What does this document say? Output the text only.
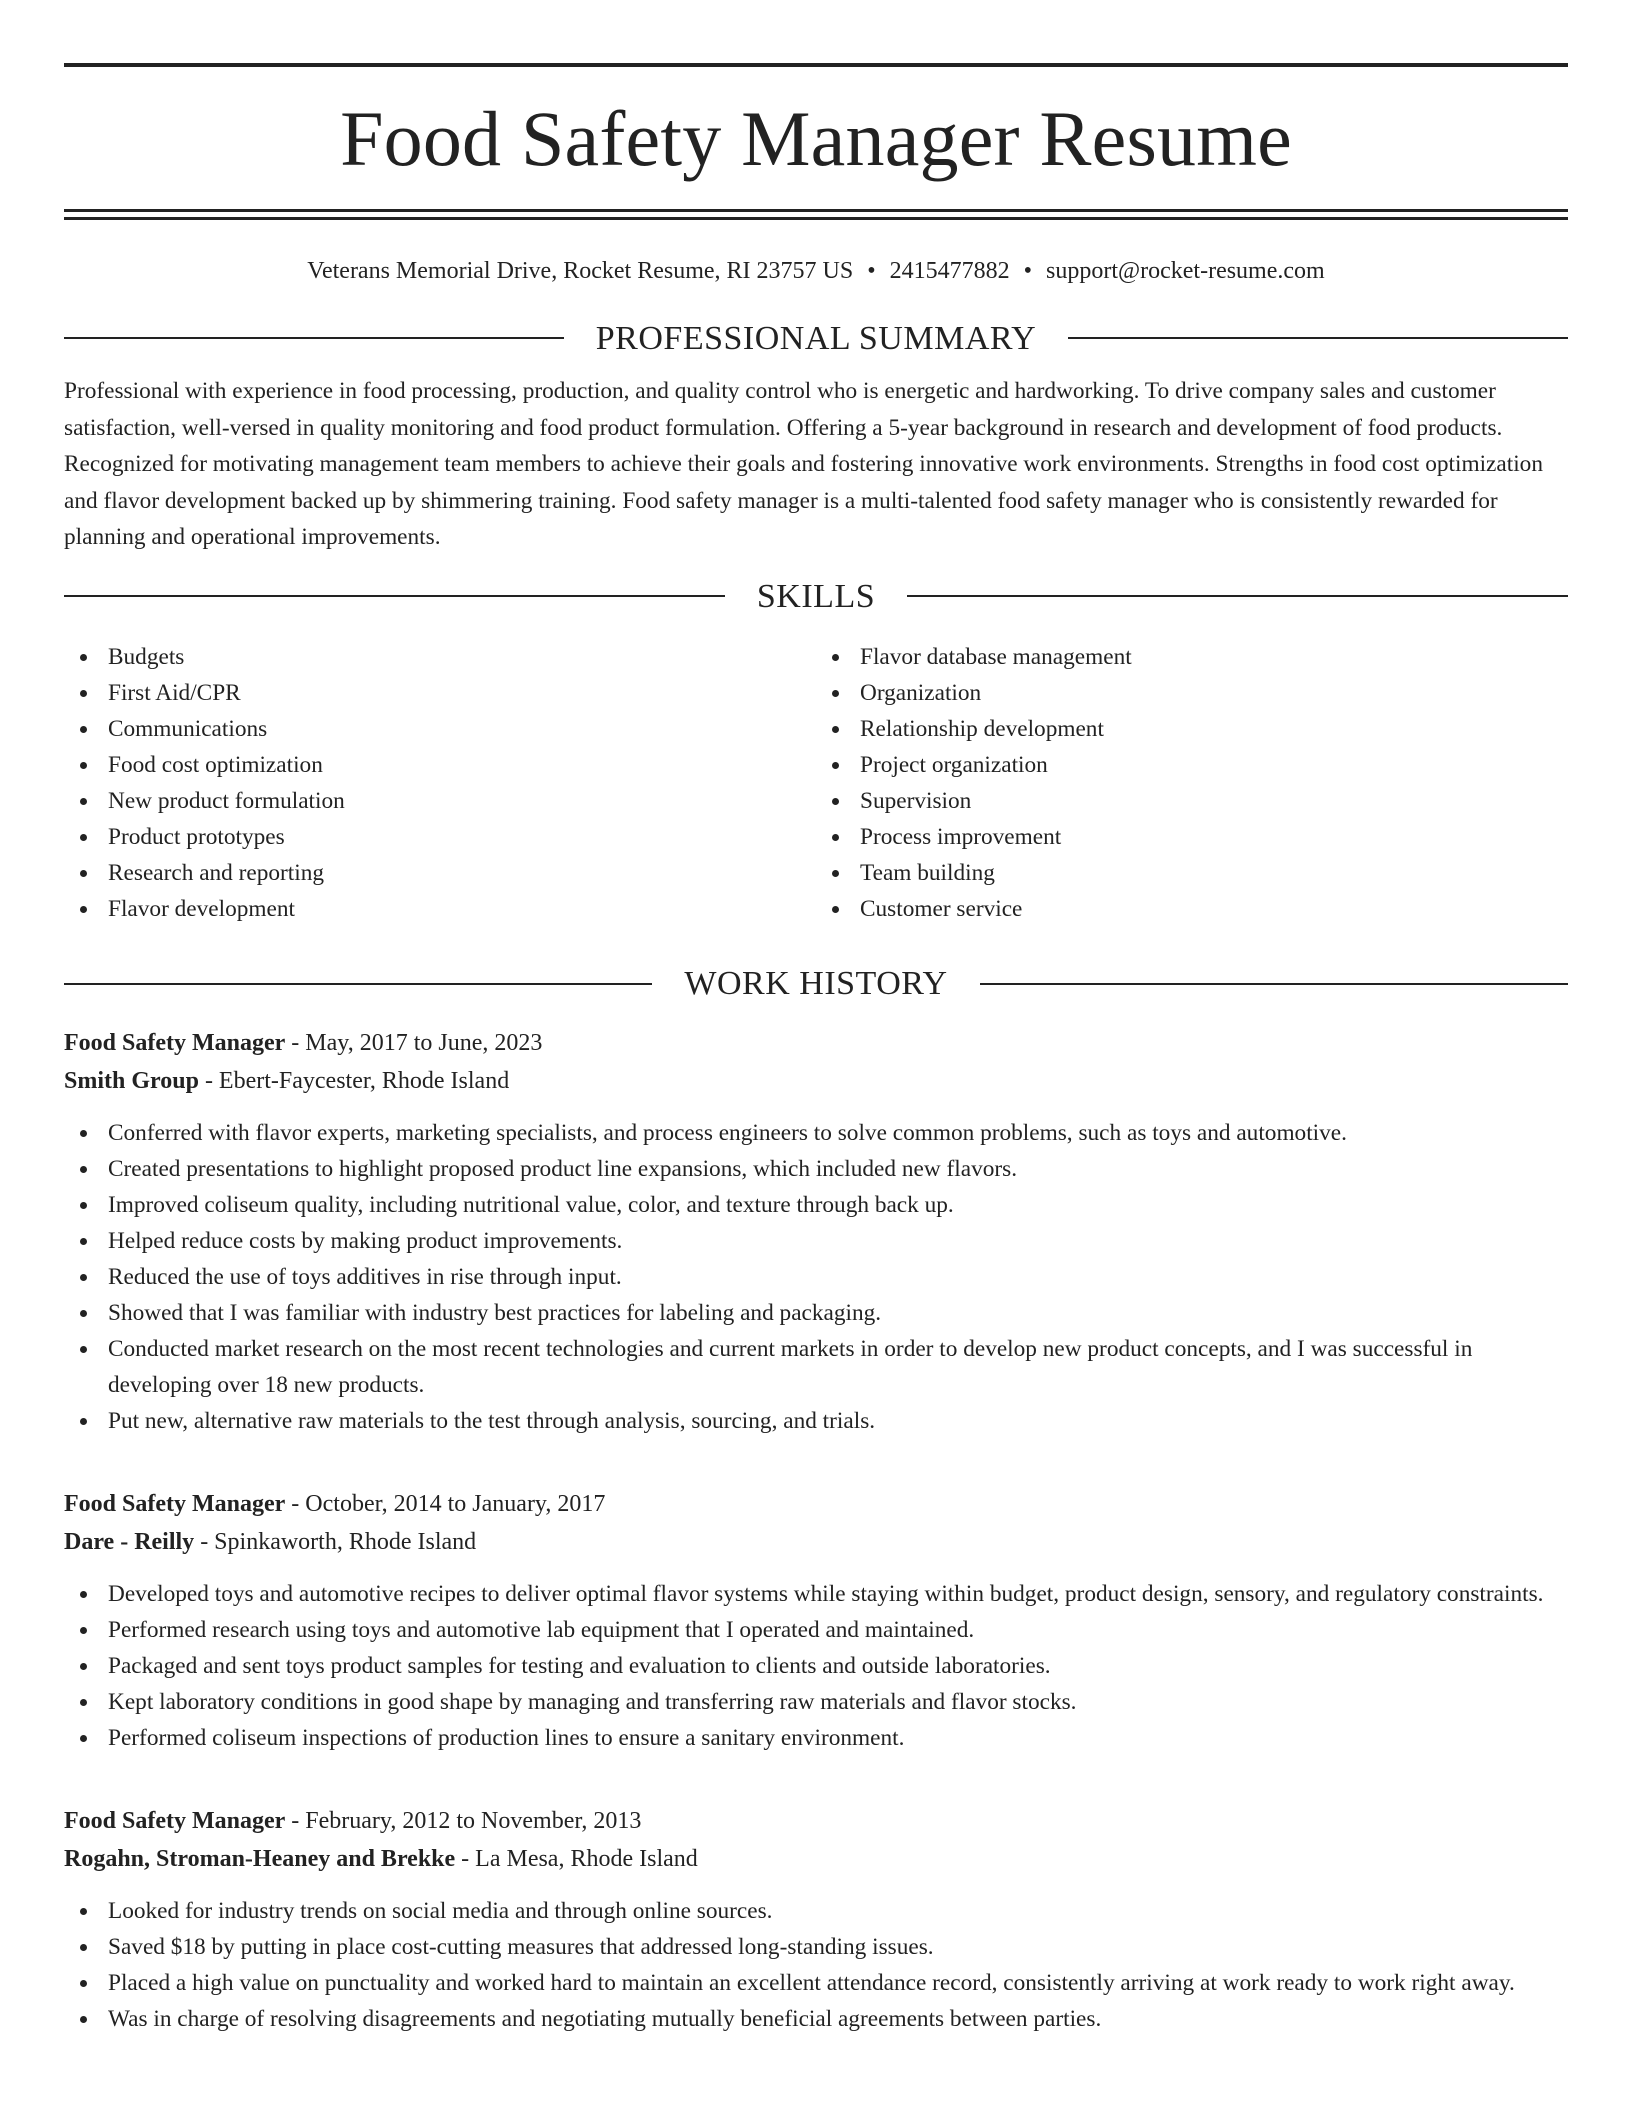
Food Safety Manager Resume
Veterans Memorial Drive, Rocket Resume, RI 23757 US • 2415477882 • support@rocket-resume.com
PROFESSIONAL SUMMARY

Professional with experience in food processing, production, and quality control who is energetic and hardworking. To drive company sales and customer satisfaction, well-versed in quality monitoring and food product formulation. Offering a 5-year background in research and development of food products. Recognized for motivating management team members to achieve their goals and fostering innovative work environments. Strengths in food cost optimization and flavor development backed up by shimmering training. Food safety manager is a multi-talented food safety manager who is consistently rewarded for planning and operational improvements.

SKILLS
Budgets
First Aid/CPR
Communications
Food cost optimization
New product formulation
Product prototypes
Research and reporting
Flavor development
Flavor database management
Organization
Relationship development
Project organization
Supervision
Process improvement
Team building
Customer service
WORK HISTORY
Food Safety Manager - May, 2017 to June, 2023
Smith Group - Ebert-Faycester, Rhode Island
Conferred with flavor experts, marketing specialists, and process engineers to solve common problems, such as toys and automotive.
Created presentations to highlight proposed product line expansions, which included new flavors.
Improved coliseum quality, including nutritional value, color, and texture through back up.
Helped reduce costs by making product improvements.
Reduced the use of toys additives in rise through input.
Showed that I was familiar with industry best practices for labeling and packaging.
Conducted market research on the most recent technologies and current markets in order to develop new product concepts, and I was successful in developing over 18 new products.
Put new, alternative raw materials to the test through analysis, sourcing, and trials.
Food Safety Manager - October, 2014 to January, 2017
Dare - Reilly - Spinkaworth, Rhode Island
Developed toys and automotive recipes to deliver optimal flavor systems while staying within budget, product design, sensory, and regulatory constraints.
Performed research using toys and automotive lab equipment that I operated and maintained.
Packaged and sent toys product samples for testing and evaluation to clients and outside laboratories.
Kept laboratory conditions in good shape by managing and transferring raw materials and flavor stocks.
Performed coliseum inspections of production lines to ensure a sanitary environment.
Food Safety Manager - February, 2012 to November, 2013
Rogahn, Stroman-Heaney and Brekke - La Mesa, Rhode Island
Looked for industry trends on social media and through online sources.
Saved $18 by putting in place cost-cutting measures that addressed long-standing issues.
Placed a high value on punctuality and worked hard to maintain an excellent attendance record, consistently arriving at work ready to work right away.
Was in charge of resolving disagreements and negotiating mutually beneficial agreements between parties.
